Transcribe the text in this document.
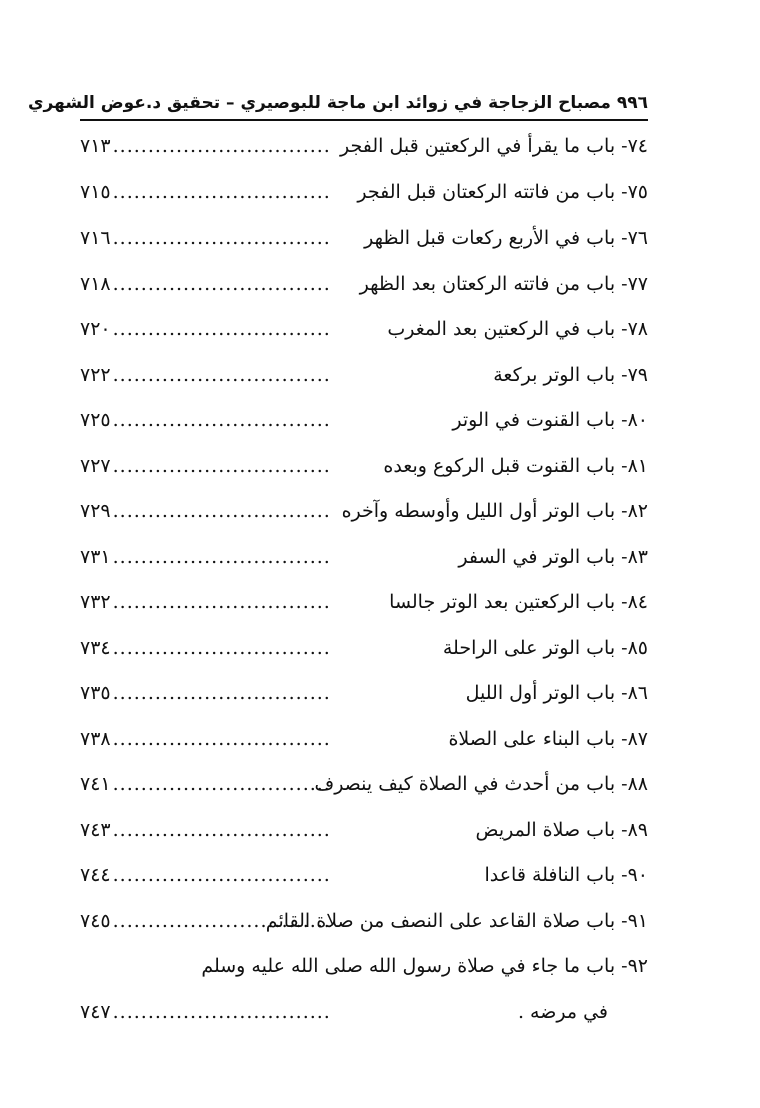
٩٩٦ مصباح الزجاجة في زوائد ابن ماجة للبوصيري – تحقيق د.عوض الشهري
٧٤- باب ما يقرأ في الركعتين قبل الفجر
٧١٣ ...............................
٧٥- باب من فاتته الركعتان قبل الفجر
٧١٥ ...............................
٧٦- باب في الأربع ركعات قبل الظهر
٧١٦ ...............................
٧٧- باب من فاتته الركعتان بعد الظهر
٧١٨ ...............................
٧٨- باب في الركعتين بعد المغرب
٧٢٠ ...............................
٧٩- باب الوتر بركعة
٧٢٢ ...............................
٨٠- باب القنوت في الوتر
٧٢٥ ...............................
٨١- باب القنوت قبل الركوع وبعده
٧٢٧ ...............................
٨٢- باب الوتر أول الليل وأوسطه وآخره
٧٢٩ ...............................
٨٣- باب الوتر في السفر
٧٣١ ...............................
٨٤- باب الركعتين بعد الوتر جالسا
٧٣٢ ...............................
٨٥- باب الوتر على الراحلة
٧٣٤ ...............................
٨٦- باب الوتر أول الليل
٧٣٥ ...............................
٨٧- باب البناء على الصلاة
٧٣٨ ...............................
٨٨- باب من أحدث في الصلاة كيف ينصرف
٧٤١ ...............................
٨٩- باب صلاة المريض
٧٤٣ ...............................
٩٠- باب النافلة قاعدا
٧٤٤ ...............................
٩١- باب صلاة القاعد على النصف من صلاة القائم
٧٤٥ ...............................
٩٢- باب ما جاء في صلاة رسول الله صلى الله عليه وسلم
في مرضه .
٧٤٧ ...............................
